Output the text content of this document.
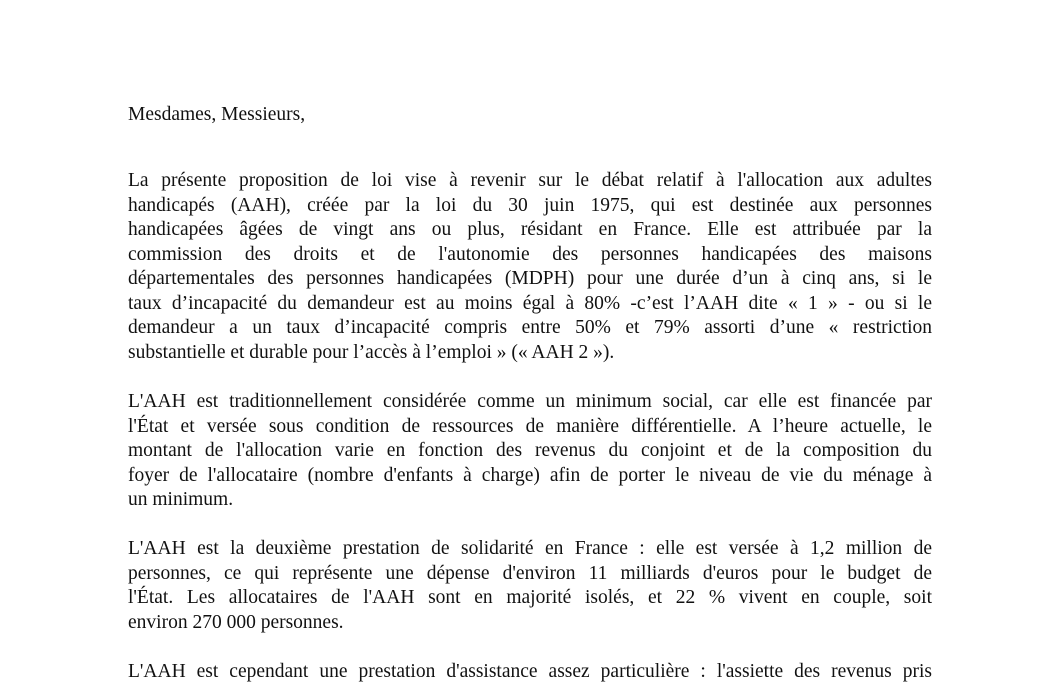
Mesdames, Messieurs,

La présente proposition de loi vise à revenir sur le débat relatif à l'allocation aux adultes
handicapés (AAH), créée par la loi du 30 juin 1975, qui est destinée aux personnes
handicapées âgées de vingt ans ou plus, résidant en France. Elle est attribuée par la
commission des droits et de l'autonomie des personnes handicapées des maisons
départementales des personnes handicapées (MDPH) pour une durée d’un à cinq ans, si le
taux d’incapacité du demandeur est au moins égal à 80% -c’est l’AAH dite « 1 » - ou si le
demandeur a un taux d’incapacité compris entre 50% et 79% assorti d’une « restriction
substantielle et durable pour l’accès à l’emploi » (« AAH 2 »).
L'AAH est traditionnellement considérée comme un minimum social, car elle est financée par
l'État et versée sous condition de ressources de manière différentielle. A l’heure actuelle, le
montant de l'allocation varie en fonction des revenus du conjoint et de la composition du
foyer de l'allocataire (nombre d'enfants à charge) afin de porter le niveau de vie du ménage à
un minimum.
L'AAH est la deuxième prestation de solidarité en France : elle est versée à 1,2 million de
personnes, ce qui représente une dépense d'environ 11 milliards d'euros pour le budget de
l'État. Les allocataires de l'AAH sont en majorité isolés, et 22 % vivent en couple, soit
environ 270 000 personnes.
L'AAH est cependant une prestation d'assistance assez particulière : l'assiette des revenus pris
